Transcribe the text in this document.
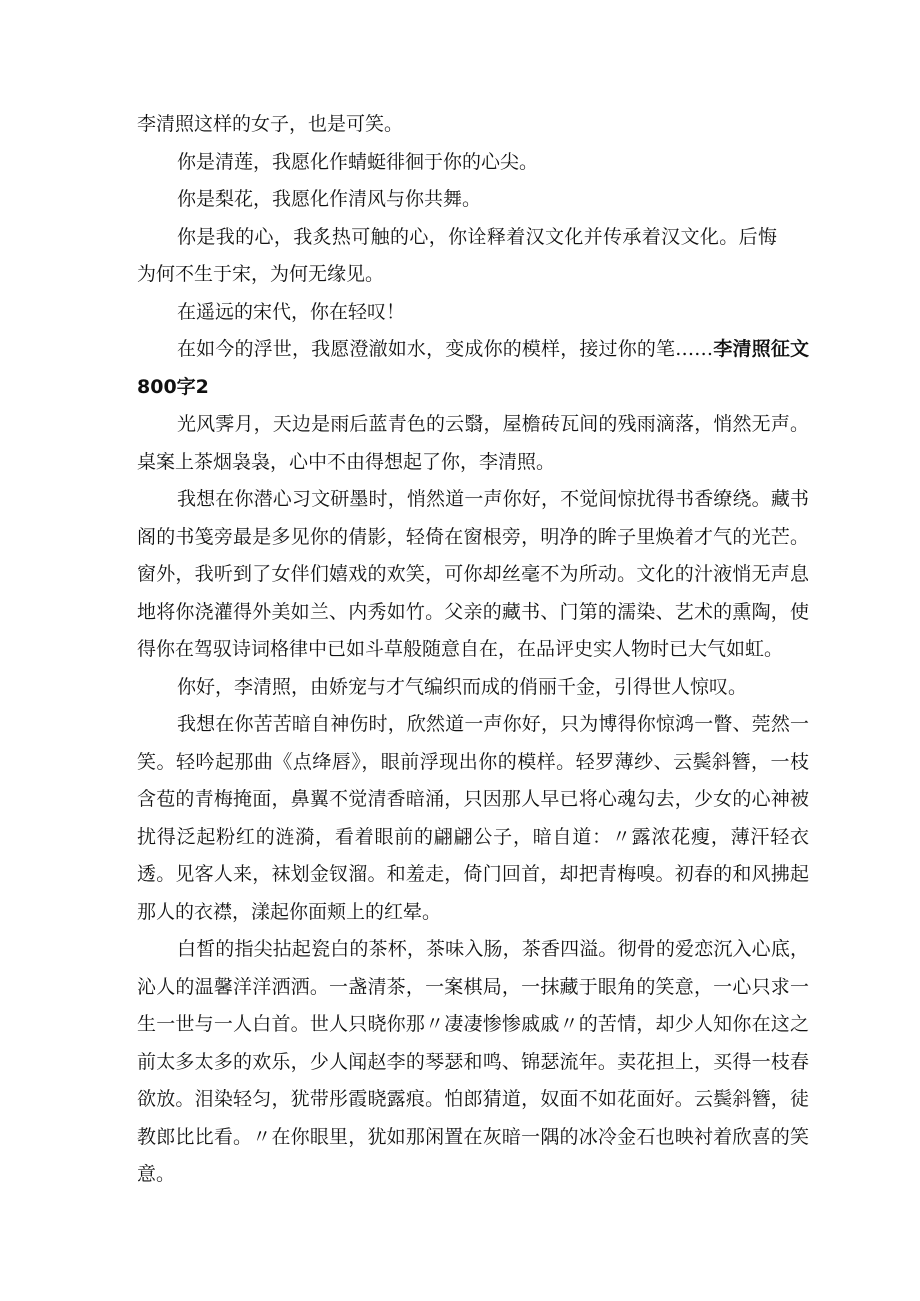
李清照这样的女子，也是可笑。

你是清莲，我愿化作蜻蜓徘徊于你的心尖。

你是梨花，我愿化作清风与你共舞。

你是我的心，我炙热可触的心，你诠释着汉文化并传承着汉文化。后悔为何不生于宋，为何无缘见。

在遥远的宋代，你在轻叹！

在如今的浮世，我愿澄澈如水，变成你的模样，接过你的笔……李清照征文800字2

光风霁月，天边是雨后蓝青色的云翳，屋檐砖瓦间的残雨滴落，悄然无声。桌案上茶烟袅袅，心中不由得想起了你，李清照。

我想在你潜心习文研墨时，悄然道一声你好，不觉间惊扰得书香缭绕。藏书阁的书笺旁最是多见你的倩影，轻倚在窗根旁，明净的眸子里焕着才气的光芒。窗外，我听到了女伴们嬉戏的欢笑，可你却丝毫不为所动。文化的汁液悄无声息地将你浇灌得外美如兰、内秀如竹。父亲的藏书、门第的濡染、艺术的熏陶，使得你在驾驭诗词格律中已如斗草般随意自在，在品评史实人物时已大气如虹。

你好，李清照，由娇宠与才气编织而成的俏丽千金，引得世人惊叹。

我想在你苦苦暗自神伤时，欣然道一声你好，只为博得你惊鸿一瞥、莞然一笑。轻吟起那曲《点绛唇》，眼前浮现出你的模样。轻罗薄纱、云鬓斜簪，一枝含苞的青梅掩面，鼻翼不觉清香暗涌，只因那人早已将心魂勾去，少女的心神被扰得泛起粉红的涟漪，看着眼前的翩翩公子，暗自道：〃露浓花瘦，薄汗轻衣透。见客人来，袜划金钗溜。和羞走，倚门回首，却把青梅嗅。初春的和风拂起那人的衣襟，漾起你面颊上的红晕。

白皙的指尖拈起瓷白的茶杯，茶味入肠，茶香四溢。彻骨的爱恋沉入心底，沁人的温馨洋洋洒洒。一盏清茶，一案棋局，一抹藏于眼角的笑意，一心只求一生一世与一人白首。世人只晓你那〃凄凄惨惨戚戚〃的苦情，却少人知你在这之前太多太多的欢乐，少人闻赵李的琴瑟和鸣、锦瑟流年。卖花担上，买得一枝春欲放。泪染轻匀，犹带彤霞晓露痕。怕郎猜道，奴面不如花面好。云鬓斜簪，徒教郎比比看。〃在你眼里，犹如那闲置在灰暗一隅的冰冷金石也映衬着欣喜的笑意。
